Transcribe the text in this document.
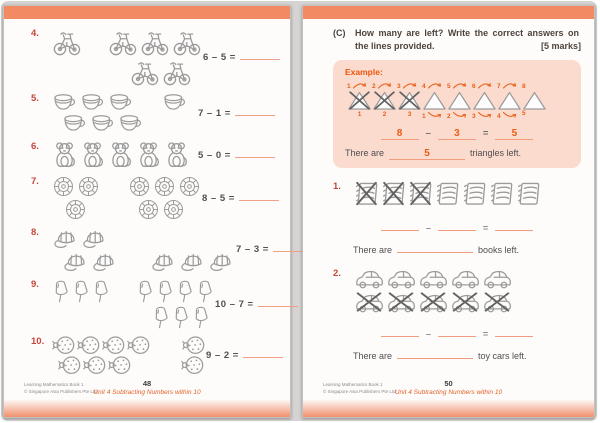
4.
6 – 5 =
5.
7 – 1 =
6.
5 – 0 =
7.
8 – 5 =
8.
7 – 3 =
9.
10 – 7 =
10.
9 – 2 =
Learning Mathematics Book 1
© Singapore Asia Publishers Pte Ltd
48
Unit 4 Subtracting Numbers within 10
(C)	How many are left? Write the correct answers on the lines provided.	[5 marks]
Example:
1	2	3	4	5	6	7	8
1	2	3	1	2	3	4	5
8 – 3 = 5
There are	5	triangles left.
1.
–	=
There are	books left.
2.
–	=
There are	toy cars left.
Learning Mathematics Book 1
© Singapore Asia Publishers Pte Ltd
50
Unit 4 Subtracting Numbers within 10
